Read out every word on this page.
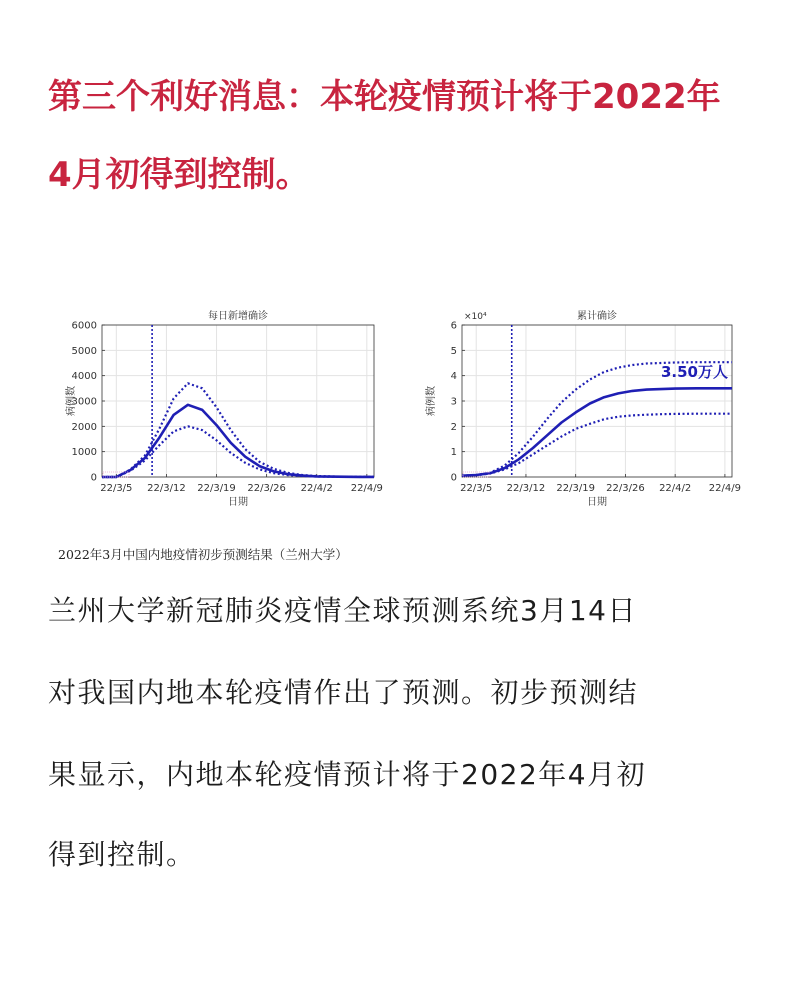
第三个利好消息：本轮疫情预计将于2022年
4月初得到控制。
0
1000
2000
3000
4000
5000
6000
22/3/5 22/3/12 22/3/19 22/3/26 22/4/2 22/4/9
每日新增确诊
日期
病例数
0
1
2
3
4
5
6
22/3/5 22/3/12 22/3/19 22/3/26 22/4/2 22/4/9
累计确诊
日期
病例数
×10⁴
3.50万人
2022年3月中国内地疫情初步预测结果（兰州大学）
兰州大学新冠肺炎疫情全球预测系统3月14日
对我国内地本轮疫情作出了预测。初步预测结
果显示，内地本轮疫情预计将于2022年4月初
得到控制。
